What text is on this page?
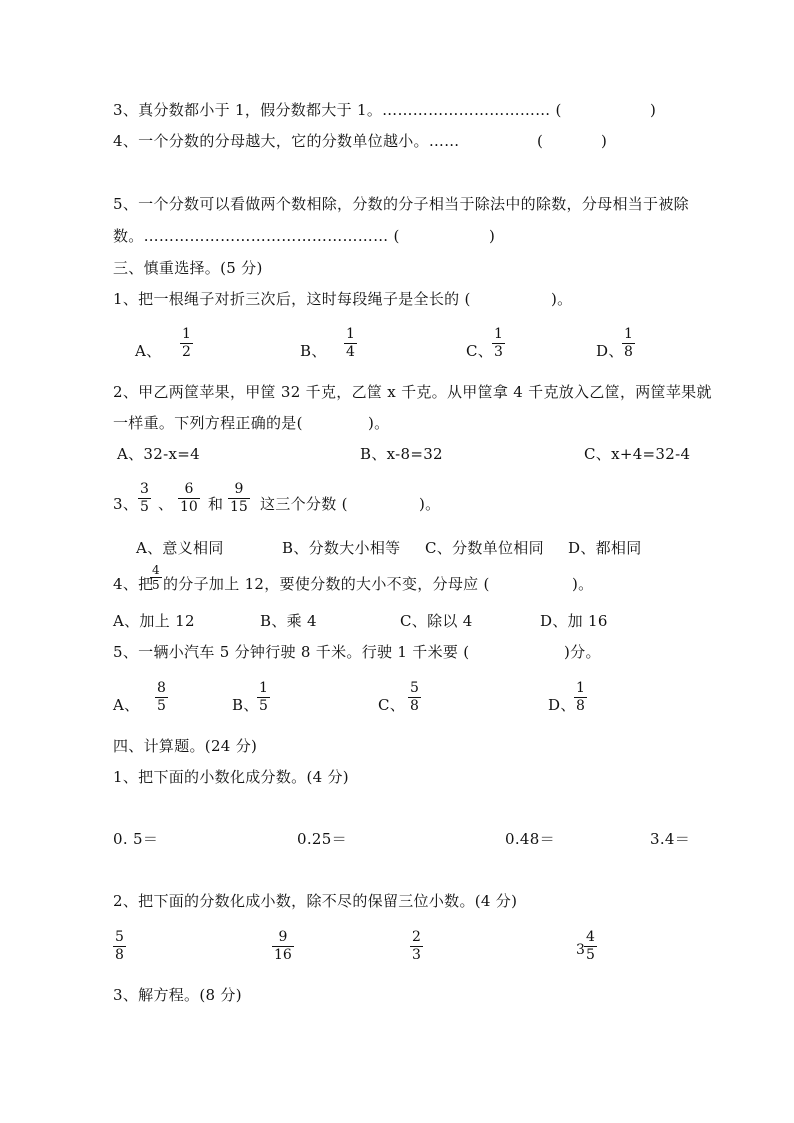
3、真分数都小于 1，假分数都大于 1。…………………………… (	)
4、一个分数的分母越大，它的分数单位越小。……	(	)
5、一个分数可以看做两个数相除，分数的分子相当于除法中的除数，分母相当于被除
数。………………………………………… (	)
三、慎重选择。(5 分)
1、把一根绳子对折三次后，这时每段绳子是全长的 (	)。
A、
1
2	B、
1
4	C、
1
3	D、
1
8
2、甲乙两筐苹果，甲筐 32 千克，乙筐 x 千克。从甲筐拿 4 千克放入乙筐，两筐苹果就
一样重。下列方程正确的是(	)。
A、32-x=4	B、x-8=32	C、x+4=32-4
3、
3
5 、
6
10 和
9
15 这三个分数 (	)。
A、意义相同	B、分数大小相等 C、分数单位相同 D、都相同
4、把
4
5 的分子加上 12，要使分数的大小不变，分母应 (	)。
A、加上 12	B、乘 4	C、除以 4	D、加 16
5、一辆小汽车 5 分钟行驶 8 千米。行驶 1 千米要 (	)分。
A、
8
5	B、
1
5	C、
5
8	D、
1
8
四、计算题。(24 分)
1、把下面的小数化成分数。(4 分)
0. 5＝	0.25＝	0.48＝	3.4＝
2、把下面的分数化成小数，除不尽的保留三位小数。(4 分)
5
8
9
16
2
3	3
4
5
3、解方程。(8 分)
